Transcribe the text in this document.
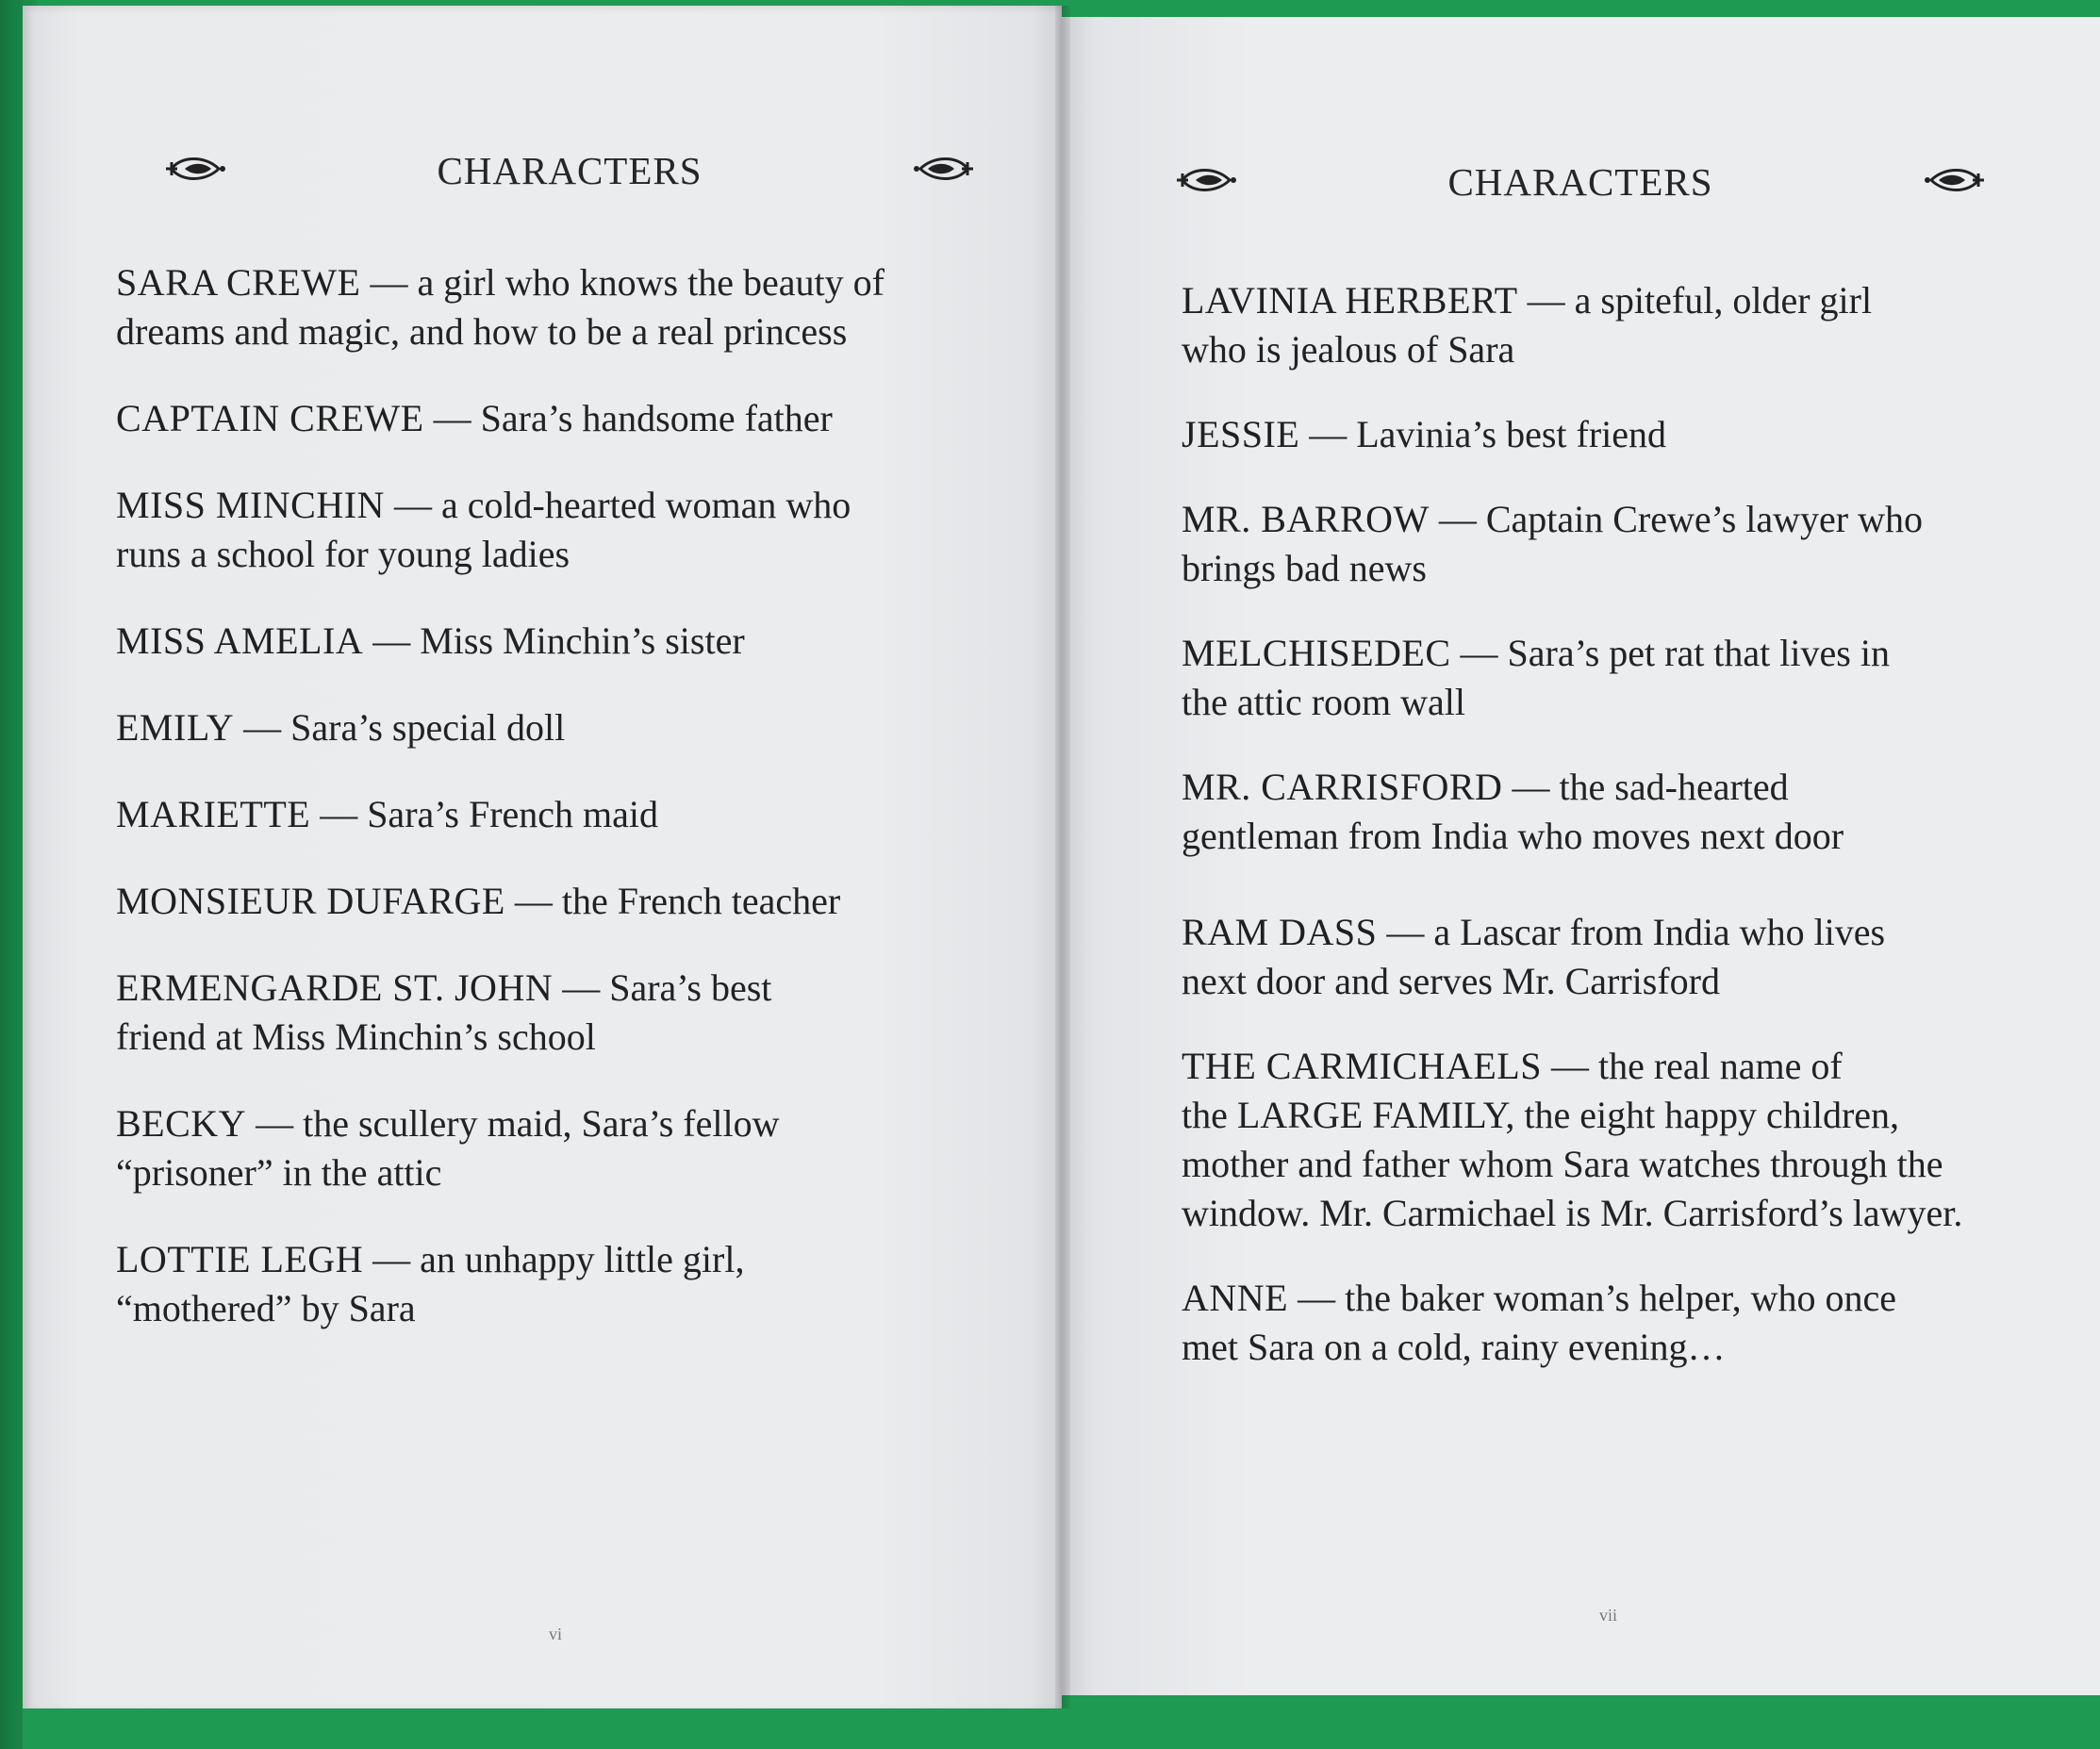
CHARACTERS

SARA CREWE — a girl who knows the beauty of
dreams and magic, and how to be a real princess

CAPTAIN CREWE — Sara’s handsome father

MISS MINCHIN — a cold-hearted woman who
runs a school for young ladies

MISS AMELIA — Miss Minchin’s sister

EMILY — Sara’s special doll

MARIETTE — Sara’s French maid

MONSIEUR DUFARGE — the French teacher

ERMENGARDE ST. JOHN — Sara’s best
friend at Miss Minchin’s school

BECKY — the scullery maid, Sara’s fellow
“prisoner” in the attic

LOTTIE LEGH — an unhappy little girl,
“mothered” by Sara

vi
CHARACTERS

LAVINIA HERBERT — a spiteful, older girl
who is jealous of Sara

JESSIE — Lavinia’s best friend

MR. BARROW — Captain Crewe’s lawyer who
brings bad news

MELCHISEDEC — Sara’s pet rat that lives in
the attic room wall

MR. CARRISFORD — the sad-hearted
gentleman from India who moves next door

RAM DASS — a Lascar from India who lives
next door and serves Mr. Carrisford

THE CARMICHAELS — the real name of
the LARGE FAMILY, the eight happy children,
mother and father whom Sara watches through the
window. Mr. Carmichael is Mr. Carrisford’s lawyer.

ANNE — the baker woman’s helper, who once
met Sara on a cold, rainy evening…

vii
